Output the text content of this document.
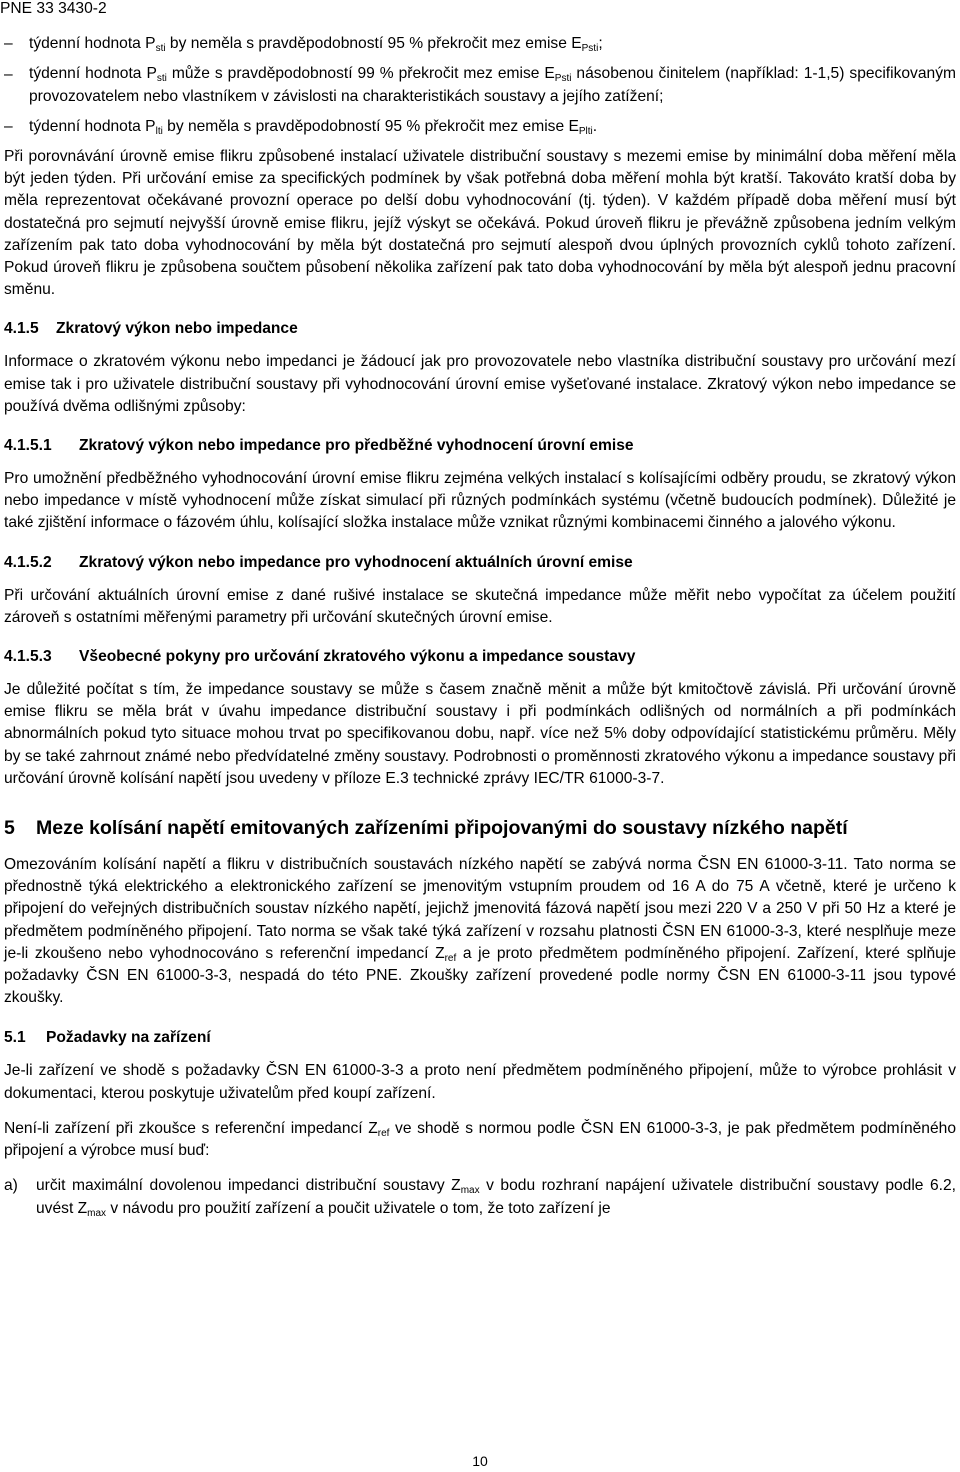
PNE 33 3430-2
–	týdenní hodnota $P_{sti}$ by neměla s pravděpodobností 95 % překročit mez emise $E_{Psti}$;
–	týdenní hodnota $P_{sti}$ může s pravděpodobností 99 % překročit mez emise $E_{Psti}$ násobenou činitelem (například: 1-1,5) specifikovaným provozovatelem nebo vlastníkem v závislosti na charakteristikách soustavy a jejího zatížení;
–	týdenní hodnota $P_{lti}$ by neměla s pravděpodobností 95 % překročit mez emise $E_{Plti}$.

Při porovnávání úrovně emise flikru způsobené instalací uživatele distribuční soustavy s mezemi emise by minimální doba měření měla být jeden týden. Při určování emise za specifických podmínek by však potřebná doba měření mohla být kratší. Takováto kratší doba by měla reprezentovat očekávané provozní operace po delší dobu vyhodnocování (tj. týden). V každém případě doba měření musí být dostatečná pro sejmutí nejvyšší úrovně emise flikru, jejíž výskyt se očekává. Pokud úroveň flikru je převážně způsobena jedním velkým zařízením pak tato doba vyhodnocování by měla být dostatečná pro sejmutí alespoň dvou úplných provozních cyklů tohoto zařízení. Pokud úroveň flikru je způsobena součtem působení několika zařízení pak tato doba vyhodnocování by měla být alespoň jednu pracovní směnu.

4.1.5 Zkratový výkon nebo impedance

Informace o zkratovém výkonu nebo impedanci je žádoucí jak pro provozovatele nebo vlastníka distribuční soustavy pro určování mezí emise tak i pro uživatele distribuční soustavy při vyhodnocování úrovní emise vyšeťované instalace. Zkratový výkon nebo impedance se používá dvěma odlišnými způsoby:

4.1.5.1 Zkratový výkon nebo impedance pro předběžné vyhodnocení úrovní emise

Pro umožnění předběžného vyhodnocování úrovní emise flikru zejména velkých instalací s kolísajícími odběry proudu, se zkratový výkon nebo impedance v místě vyhodnocení může získat simulací při různých podmínkách systému (včetně budoucích podmínek). Důležité je také zjištění informace o fázovém úhlu, kolísající složka instalace může vznikat různými kombinacemi činného a jalového výkonu.

4.1.5.2 Zkratový výkon nebo impedance pro vyhodnocení aktuálních úrovní emise

Při určování aktuálních úrovní emise z dané rušivé instalace se skutečná impedance může měřit nebo vypočítat za účelem použití zároveň s ostatními měřenými parametry při určování skutečných úrovní emise.

4.1.5.3 Všeobecné pokyny pro určování zkratového výkonu a impedance soustavy

Je důležité počítat s tím, že impedance soustavy se může s časem značně měnit a může být kmitočtově závislá. Při určování úrovně emise flikru se měla brát v úvahu impedance distribuční soustavy i při podmínkách odlišných od normálních a při podmínkách abnormálních pokud tyto situace mohou trvat po specifikovanou dobu, např. více než 5% doby odpovídající statistickému průměru. Měly by se také zahrnout známé nebo předvídatelné změny soustavy. Podrobnosti o proměnnosti zkratového výkonu a impedance soustavy při určování úrovně kolísání napětí jsou uvedeny v příloze E.3 technické zprávy IEC/TR 61000-3-7.

5 Meze kolísání napětí emitovaných zařízeními připojovanými do soustavy nízkého napětí

Omezováním kolísání napětí a flikru v distribučních soustavách nízkého napětí se zabývá norma ČSN EN 61000-3-11. Tato norma se přednostně týká elektrického a elektronického zařízení se jmenovitým vstupním proudem od 16 A do 75 A včetně, které je určeno k připojení do veřejných distribučních soustav nízkého napětí, jejichž jmenovitá fázová napětí jsou mezi 220 V a 250 V při 50 Hz a které je předmětem podmíněného připojení. Tato norma se však také týká zařízení v rozsahu platnosti ČSN EN 61000-3-3, které nesplňuje meze je-li zkoušeno nebo vyhodnocováno s referenční impedancí $Z_{ref}$ a je proto předmětem podmíněného připojení. Zařízení, které splňuje požadavky ČSN EN 61000-3-3, nespadá do této PNE. Zkoušky zařízení provedené podle normy ČSN EN 61000-3-11 jsou typové zkoušky.

5.1 Požadavky na zařízení

Je-li zařízení ve shodě s požadavky ČSN EN 61000-3-3 a proto není předmětem podmíněného připojení, může to výrobce prohlásit v dokumentaci, kterou poskytuje uživatelům před koupí zařízení.

Není-li zařízení při zkoušce s referenční impedancí $Z_{ref}$ ve shodě s normou podle ČSN EN 61000-3-3, je pak předmětem podmíněného připojení a výrobce musí buď:

a)	určit maximální dovolenou impedanci distribuční soustavy $Z_{max}$ v bodu rozhraní napájení uživatele distribuční soustavy podle 6.2, uvést $Z_{max}$ v návodu pro použití zařízení a poučit uživatele o tom, že toto zařízení je
10
